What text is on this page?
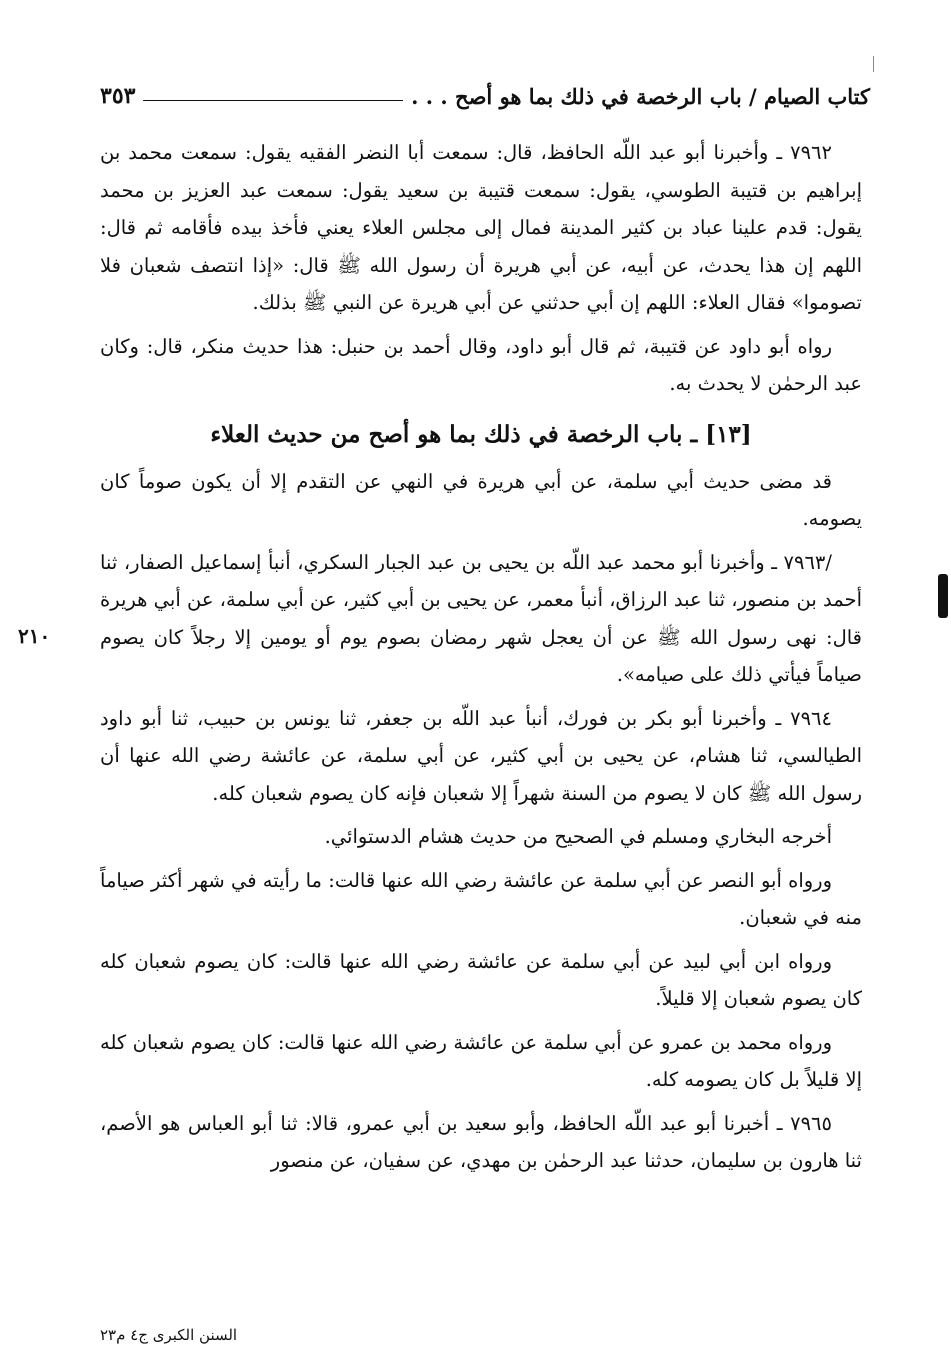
كتاب الصيام / باب الرخصة في ذلك بما هو أصح . . .
٣٥٣

٧٩٦٢ ـ وأخبرنا أبو عبد اللّه الحافظ، قال: سمعت أبا النضر الفقيه يقول: سمعت محمد بن إبراهيم بن قتيبة الطوسي، يقول: سمعت قتيبة بن سعيد يقول: سمعت عبد العزيز بن محمد يقول: قدم علينا عباد بن كثير المدينة فمال إلى مجلس العلاء يعني فأخذ بيده فأقامه ثم قال: اللهم إن هذا يحدث، عن أبيه، عن أبي هريرة أن رسول الله ﷺ قال: «إذا انتصف شعبان فلا تصوموا» فقال العلاء: اللهم إن أبي حدثني عن أبي هريرة عن النبي ﷺ بذلك.

رواه أبو داود عن قتيبة، ثم قال أبو داود، وقال أحمد بن حنبل: هذا حديث منكر، قال: وكان عبد الرحمٰن لا يحدث به.

[١٣] ـ باب الرخصة في ذلك بما هو أصح من حديث العلاء

قد مضى حديث أبي سلمة، عن أبي هريرة في النهي عن التقدم إلا أن يكون صوماً كان يصومه.

/٧٩٦٣ ـ وأخبرنا أبو محمد عبد اللّه بن يحيى بن عبد الجبار السكري، أنبأ إسماعيل الصفار، ثنا أحمد بن منصور، ثنا عبد الرزاق، أنبأ معمر، عن يحيى بن أبي كثير، عن أبي سلمة، عن أبي هريرة قال: نهى رسول الله ﷺ عن أن يعجل شهر رمضان بصوم يوم أو يومين إلا رجلاً كان يصوم صياماً فيأتي ذلك على صيامه».

٧٩٦٤ ـ وأخبرنا أبو بكر بن فورك، أنبأ عبد اللّه بن جعفر، ثنا يونس بن حبيب، ثنا أبو داود الطيالسي، ثنا هشام، عن يحيى بن أبي كثير، عن أبي سلمة، عن عائشة رضي الله عنها أن رسول الله ﷺ كان لا يصوم من السنة شهراً إلا شعبان فإنه كان يصوم شعبان كله.

أخرجه البخاري ومسلم في الصحيح من حديث هشام الدستوائي.

ورواه أبو النصر عن أبي سلمة عن عائشة رضي الله عنها قالت: ما رأيته في شهر أكثر صياماً منه في شعبان.

ورواه ابن أبي لبيد عن أبي سلمة عن عائشة رضي الله عنها قالت: كان يصوم شعبان كله كان يصوم شعبان إلا قليلاً.

ورواه محمد بن عمرو عن أبي سلمة عن عائشة رضي الله عنها قالت: كان يصوم شعبان كله إلا قليلاً بل كان يصومه كله.

٧٩٦٥ ـ أخبرنا أبو عبد اللّه الحافظ، وأبو سعيد بن أبي عمرو، قالا: ثنا أبو العباس هو الأصم، ثنا هارون بن سليمان، حدثنا عبد الرحمٰن بن مهدي، عن سفيان، عن منصور

٢١٠
السنن الكبرى ج٤ م٢٣
